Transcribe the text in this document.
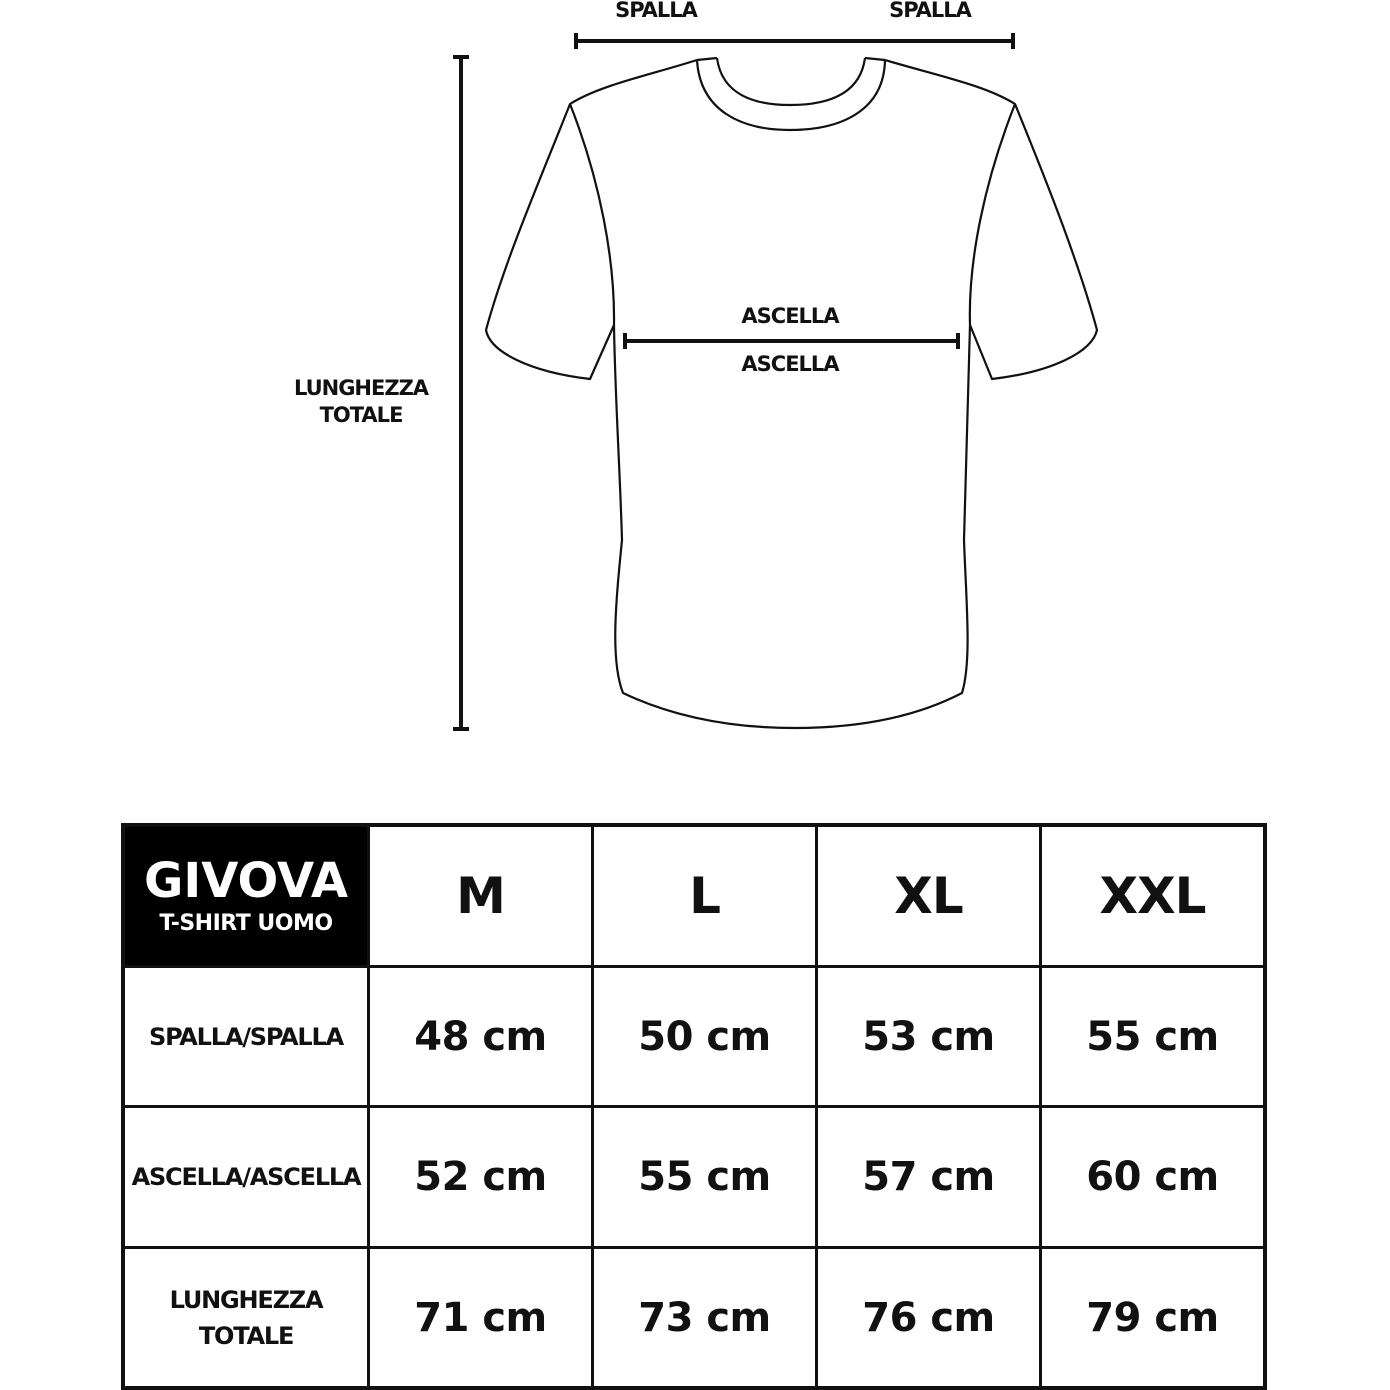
SPALLA	SPALLA
ASCELLA
ASCELLA
LUNGHEZZA
TOTALE
GIVOVA
T-SHIRT UOMO	M	L	XL	XXL
SPALLA/SPALLA	48 cm	50 cm	53 cm	55 cm
ASCELLA/ASCELLA	52 cm	55 cm	57 cm	60 cm
LUNGHEZZA
TOTALE	71 cm	73 cm	76 cm	79 cm
